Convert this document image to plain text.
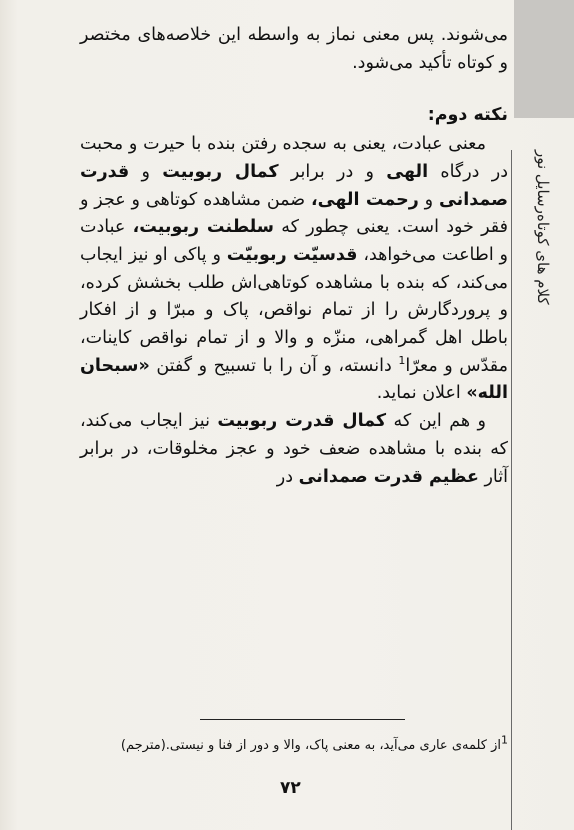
رسایل نور
کلام های کوتاه

می‌شوند. پس معنی نماز به واسطه این خلاصه‌های مختصر و کوتاه تأکید می‌شود.

نکته دوم:

معنی عبادت، یعنی به سجده رفتن بنده با حیرت و محبت در درگاه الهی و در برابر کمال ربوبیت و قدرت صمدانی و رحمت الهی، ضمن مشاهده کوتاهی و عجز و فقر خود است. یعنی چطور که سلطنت ربوبیت، عبادت و اطاعت می‌خواهد، قدسیّت ربوبیّت و پاکی او نیز ایجاب می‌کند، که بنده با مشاهده کوتاهی‌اش طلب بخشش کرده، و پروردگارش را از تمام نواقص، پاک و مبرّا و از افکار باطل اهل گمراهی، منزّه و والا و از تمام نواقص کاینات، مقدّس و معرّا$^1$ دانسته، و آن را با تسبیح و گفتن «سبحان الله» اعلان نماید.

و هم این که کمال قدرت ربوبیت نیز ایجاب می‌کند، که بنده با مشاهده ضعف خود و عجز مخلوقات، در برابر آثار عظیم قدرت صمدانی در

$^1$از کلمه‌ی عاری می‌آید، به معنی پاک، والا و دور از فنا و نیستی.(مترجم)
۷۲
